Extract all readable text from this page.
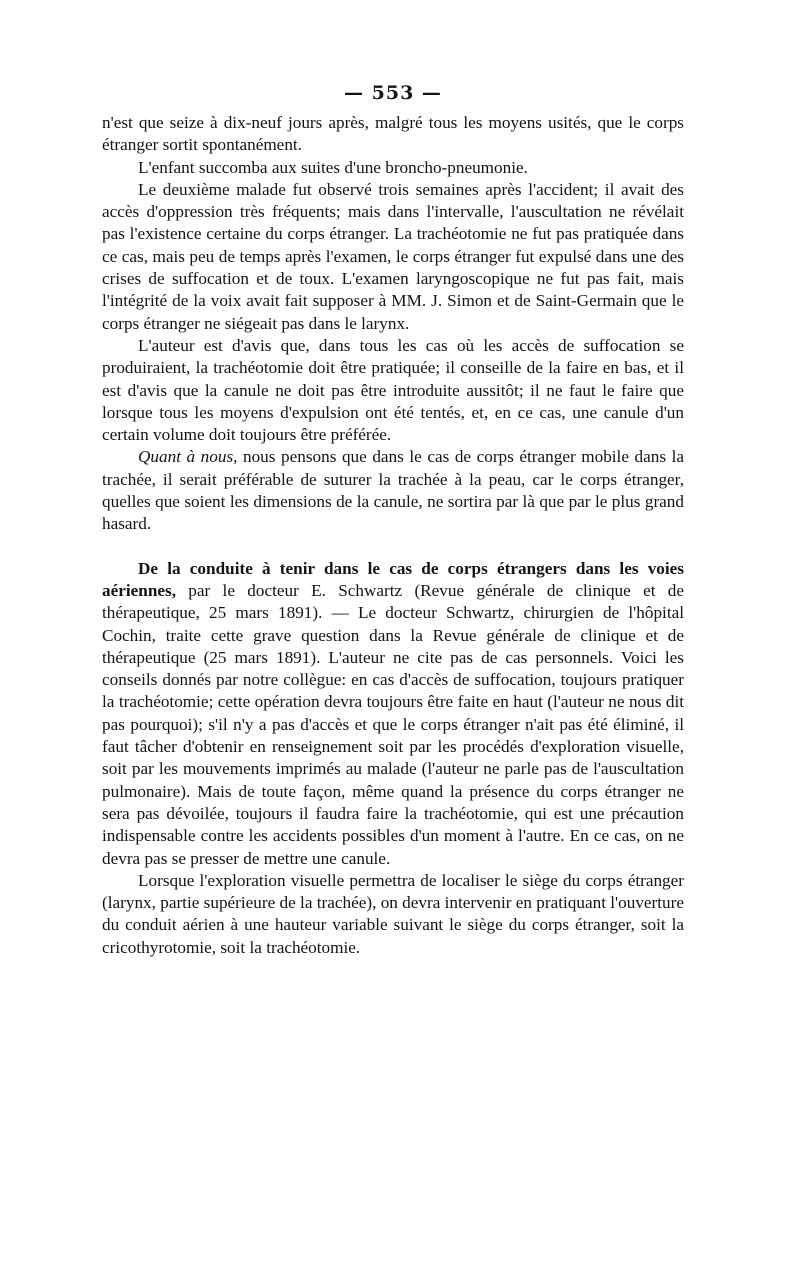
— 553 —

n'est que seize à dix-neuf jours après, malgré tous les moyens usités, que le corps étranger sortit spontanément.

L'enfant succomba aux suites d'une broncho-pneumonie.

Le deuxième malade fut observé trois semaines après l'accident; il avait des accès d'oppression très fréquents; mais dans l'intervalle, l'auscultation ne révélait pas l'existence certaine du corps étranger. La trachéotomie ne fut pas pratiquée dans ce cas, mais peu de temps après l'examen, le corps étranger fut expulsé dans une des crises de suffocation et de toux. L'examen laryngoscopique ne fut pas fait, mais l'intégrité de la voix avait fait supposer à MM. J. Simon et de Saint-Germain que le corps étranger ne siégeait pas dans le larynx.

L'auteur est d'avis que, dans tous les cas où les accès de suffocation se produiraient, la trachéotomie doit être pratiquée; il conseille de la faire en bas, et il est d'avis que la canule ne doit pas être introduite aussitôt; il ne faut le faire que lorsque tous les moyens d'expulsion ont été tentés, et, en ce cas, une canule d'un certain volume doit toujours être préférée.

Quant à nous, nous pensons que dans le cas de corps étranger mobile dans la trachée, il serait préférable de suturer la trachée à la peau, car le corps étranger, quelles que soient les dimensions de la canule, ne sortira par là que par le plus grand hasard.

De la conduite à tenir dans le cas de corps étrangers dans les voies aériennes, par le docteur E. Schwartz (Revue générale de clinique et de thérapeutique, 25 mars 1891). — Le docteur Schwartz, chirurgien de l'hôpital Cochin, traite cette grave question dans la Revue générale de clinique et de thérapeutique (25 mars 1891). L'auteur ne cite pas de cas personnels. Voici les conseils donnés par notre collègue: en cas d'accès de suffocation, toujours pratiquer la trachéotomie; cette opération devra toujours être faite en haut (l'auteur ne nous dit pas pourquoi); s'il n'y a pas d'accès et que le corps étranger n'ait pas été éliminé, il faut tâcher d'obtenir en renseignement soit par les procédés d'exploration visuelle, soit par les mouvements imprimés au malade (l'auteur ne parle pas de l'auscultation pulmonaire). Mais de toute façon, même quand la présence du corps étranger ne sera pas dévoilée, toujours il faudra faire la trachéotomie, qui est une précaution indispensable contre les accidents possibles d'un moment à l'autre. En ce cas, on ne devra pas se presser de mettre une canule.

Lorsque l'exploration visuelle permettra de localiser le siège du corps étranger (larynx, partie supérieure de la trachée), on devra intervenir en pratiquant l'ouverture du conduit aérien à une hauteur variable suivant le siège du corps étranger, soit la cricothyrotomie, soit la trachéotomie.
